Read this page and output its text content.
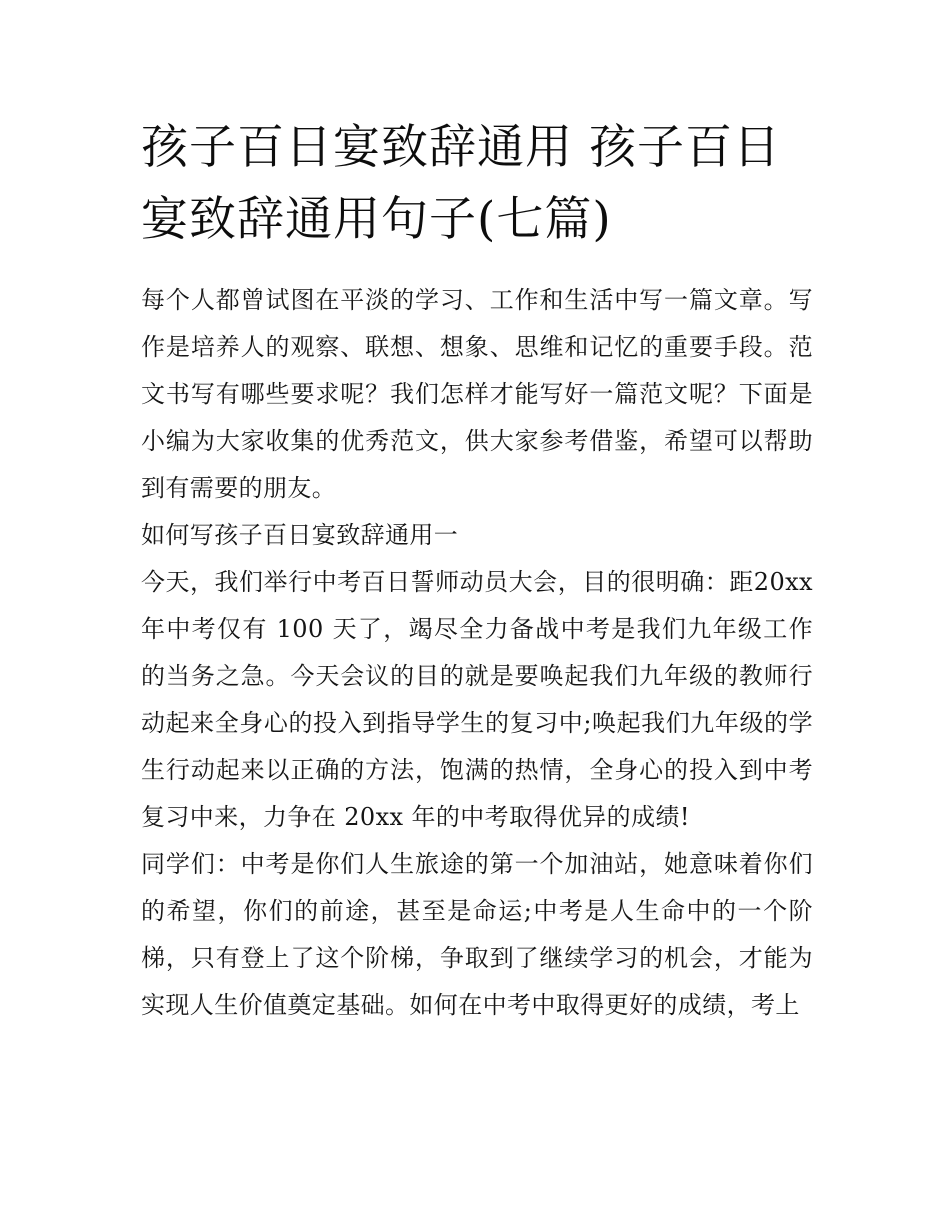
孩子百日宴致辞通用 孩子百日宴致辞通用句子(七篇)

每个人都曾试图在平淡的学习、工作和生活中写一篇文章。写作是培养人的观察、联想、想象、思维和记忆的重要手段。范文书写有哪些要求呢？我们怎样才能写好一篇范文呢？下面是小编为大家收集的优秀范文，供大家参考借鉴，希望可以帮助到有需要的朋友。

如何写孩子百日宴致辞通用一

今天，我们举行中考百日誓师动员大会，目的很明确：距20xx 年中考仅有 100 天了，竭尽全力备战中考是我们九年级工作的当务之急。今天会议的目的就是要唤起我们九年级的教师行动起来全身心的投入到指导学生的复习中;唤起我们九年级的学生行动起来以正确的方法，饱满的热情，全身心的投入到中考复习中来，力争在 20xx 年的中考取得优异的成绩!

同学们：中考是你们人生旅途的第一个加油站，她意味着你们的希望，你们的前途，甚至是命运;中考是人生命中的一个阶梯，只有登上了这个阶梯，争取到了继续学习的机会，才能为实现人生价值奠定基础。如何在中考中取得更好的成绩，考上
